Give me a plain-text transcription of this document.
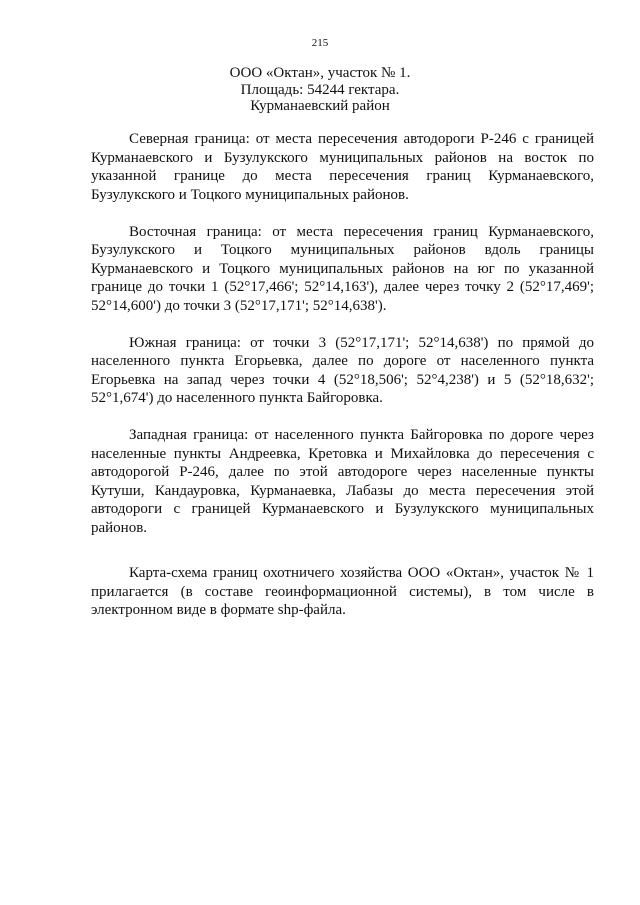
215
ООО «Октан», участок № 1.
Площадь: 54244 гектара.
Курманаевский район

Северная граница: от места пересечения автодороги Р-246 с границей Курманаевского и Бузулукского муниципальных районов на восток по указанной границе до места пересечения границ Курманаевского, Бузулукского и Тоцкого муниципальных районов.

Восточная граница: от места пересечения границ Курманаевского, Бузулукского и Тоцкого муниципальных районов вдоль границы Курманаевского и Тоцкого муниципальных районов на юг по указанной границе до точки 1 (52°17,466'; 52°14,163'), далее через точку 2 (52°17,469'; 52°14,600') до точки 3 (52°17,171'; 52°14,638').

Южная граница: от точки 3 (52°17,171'; 52°14,638') по прямой до населенного пункта Егорьевка, далее по дороге от населенного пункта Егорьевка на запад через точки 4 (52°18,506'; 52°4,238') и 5 (52°18,632'; 52°1,674') до населенного пункта Байгоровка.

Западная граница: от населенного пункта Байгоровка по дороге через населенные пункты Андреевка, Кретовка и Михайловка до пересечения с автодорогой Р-246, далее по этой автодороге через населенные пункты Кутуши, Кандауровка, Курманаевка, Лабазы до места пересечения этой автодороги с границей Курманаевского и Бузулукского муниципальных районов.

Карта-схема границ охотничего хозяйства ООО «Октан», участок № 1 прилагается (в составе геоинформационной системы), в том числе в электронном виде в формате shp-файла.
